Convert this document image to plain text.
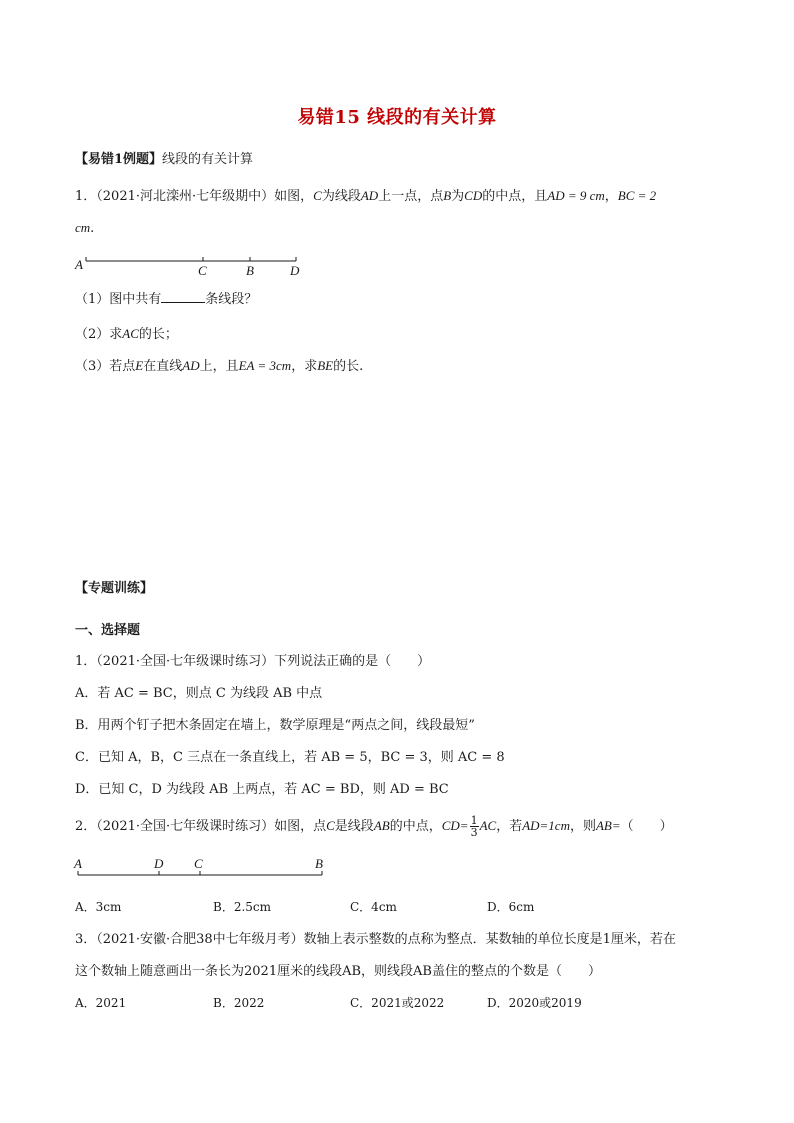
易错15 线段的有关计算
【易错1例题】线段的有关计算
1．（2021·河北滦州·七年级期中）如图，C为线段AD上一点，点B为CD的中点，且AD = 9 cm，BC = 2
cm.
A	C	B	D
（1）图中共有	条线段？
（2）求AC的长；
（3）若点E在直线AD上，且EA = 3cm，求BE的长.
【专题训练】
一、选择题
1．（2021·全国·七年级课时练习）下列说法正确的是（　　）
A．若 AC = BC，则点 C 为线段 AB 中点
B．用两个钉子把木条固定在墙上，数学原理是“两点之间，线段最短”
C．已知 A，B，C 三点在一条直线上，若 AB = 5，BC = 3，则 AC = 8
D．已知 C，D 为线段 AB 上两点，若 AC = BD，则 AD = BC
2．（2021·全国·七年级课时练习）如图，点C是线段AB的中点，$CD= \frac{1}{3}$ AC，若AD=1cm，则AB=（　　）
A	D C	B
A．3cm	B．2.5cm	C．4cm	D．6cm
3．（2021·安徽·合肥38中七年级月考）数轴上表示整数的点称为整点．某数轴的单位长度是1厘米，若在
这个数轴上随意画出一条长为2021厘米的线段AB，则线段AB盖住的整点的个数是（　　）
A．2021	B．2022	C．2021或2022	D．2020或2019
